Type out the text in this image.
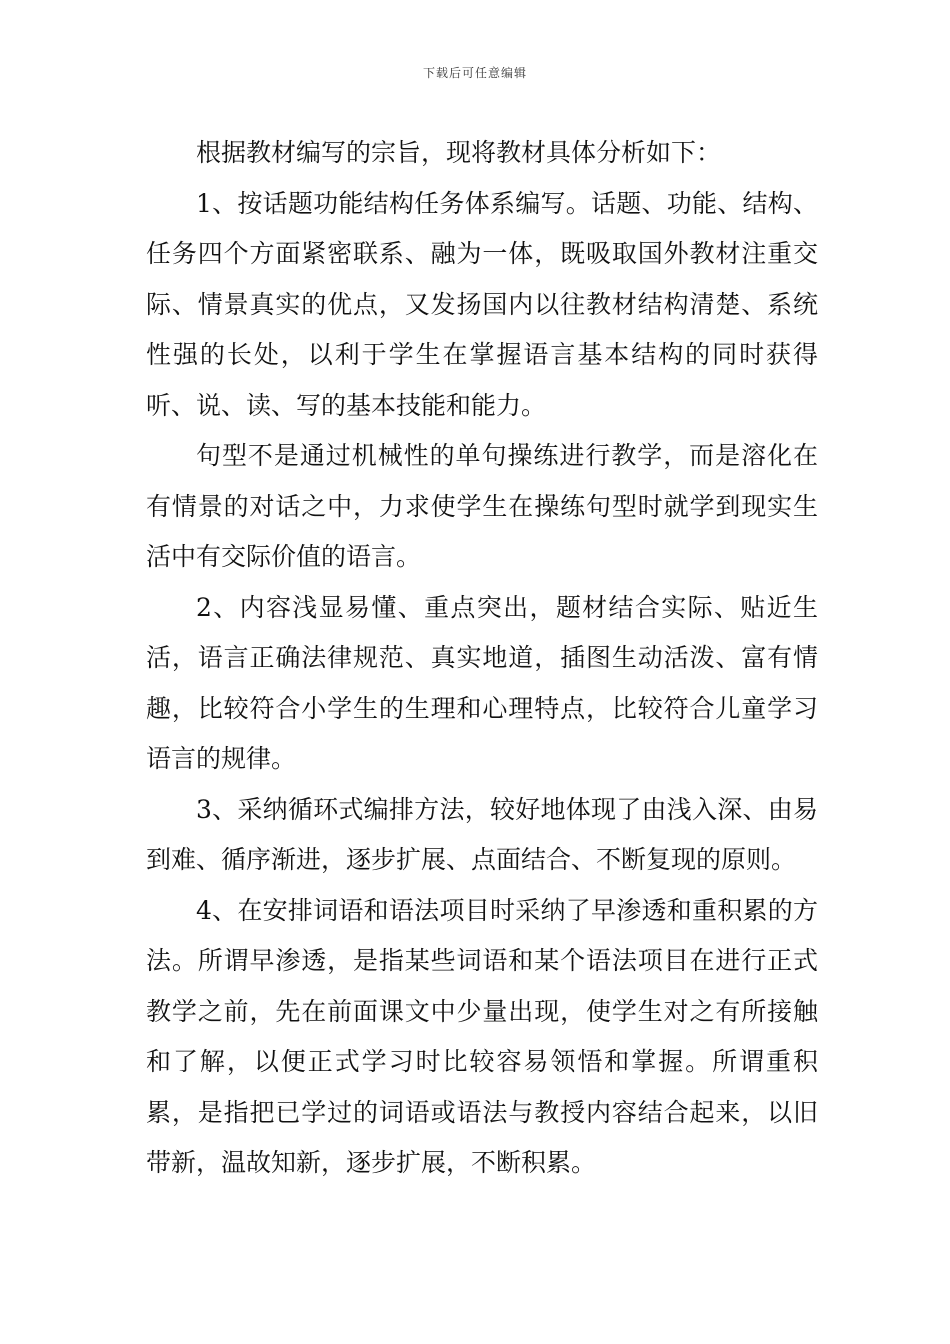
下载后可任意编辑

根据教材编写的宗旨，现将教材具体分析如下：

1、按话题功能结构任务体系编写。话题、功能、结构、任务四个方面紧密联系、融为一体，既吸取国外教材注重交际、情景真实的优点，又发扬国内以往教材结构清楚、系统性强的长处，以利于学生在掌握语言基本结构的同时获得听、说、读、写的基本技能和能力。

句型不是通过机械性的单句操练进行教学，而是溶化在有情景的对话之中，力求使学生在操练句型时就学到现实生活中有交际价值的语言。

2、内容浅显易懂、重点突出，题材结合实际、贴近生活，语言正确法律规范、真实地道，插图生动活泼、富有情趣，比较符合小学生的生理和心理特点，比较符合儿童学习语言的规律。

3、采纳循环式编排方法，较好地体现了由浅入深、由易到难、循序渐进，逐步扩展、点面结合、不断复现的原则。

4、在安排词语和语法项目时采纳了早渗透和重积累的方法。所谓早渗透，是指某些词语和某个语法项目在进行正式教学之前，先在前面课文中少量出现，使学生对之有所接触和了解，以便正式学习时比较容易领悟和掌握。所谓重积累，是指把已学过的词语或语法与教授内容结合起来，以旧带新，温故知新，逐步扩展，不断积累。
